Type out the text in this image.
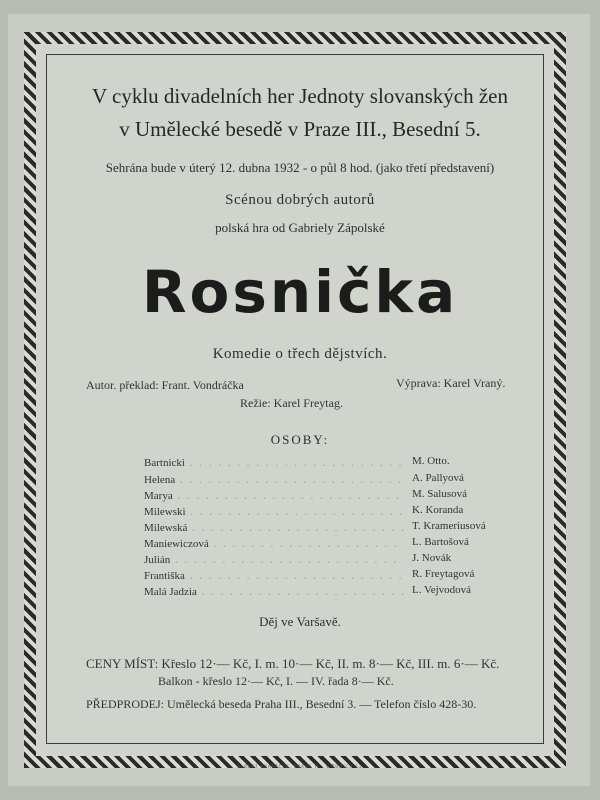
V cyklu divadelních her Jednoty slovanských žen
v Umělecké besedě v Praze III., Besední 5.
Sehrána bude v úterý 12. dubna 1932 - o půl 8 hod. (jako třetí představení)
Scénou dobrých autorů
polská hra od Gabriely Zápolské
Rosnička
Komedie o třech dějstvích.
Autor. překlad: Frant. Vondráčka	Výprava: Karel Vraný.
Režie: Karel Freytag.
OSOBY:
Bartnicki . . .	M. Otto.
Helena . . .	A. Pallyová
Marya . . .	M. Salusová
Milewski . . .	K. Koranda
Milewská . . .	T. Krameriusová
Maniewiczová . . .	L. Bartošová
Julián . . .	J. Novák
Františka . . .	R. Freytagová
Malá Jadzia . . .	L. Vejvodová
Děj ve Varšavě.
CENY MÍST: Křeslo 12·— Kč, I. m. 10·— Kč, II. m. 8·— Kč, III. m. 6·— Kč.
Balkon - křeslo 12·— Kč, I. — IV. řada 8·— Kč.
PŘEDPRODEJ: Umělecká beseda Praha III., Besední 3. — Telefon číslo 428-30.
ALBERT KRAPÁČEK, PRAHA II., V TŮNÍCH 12
